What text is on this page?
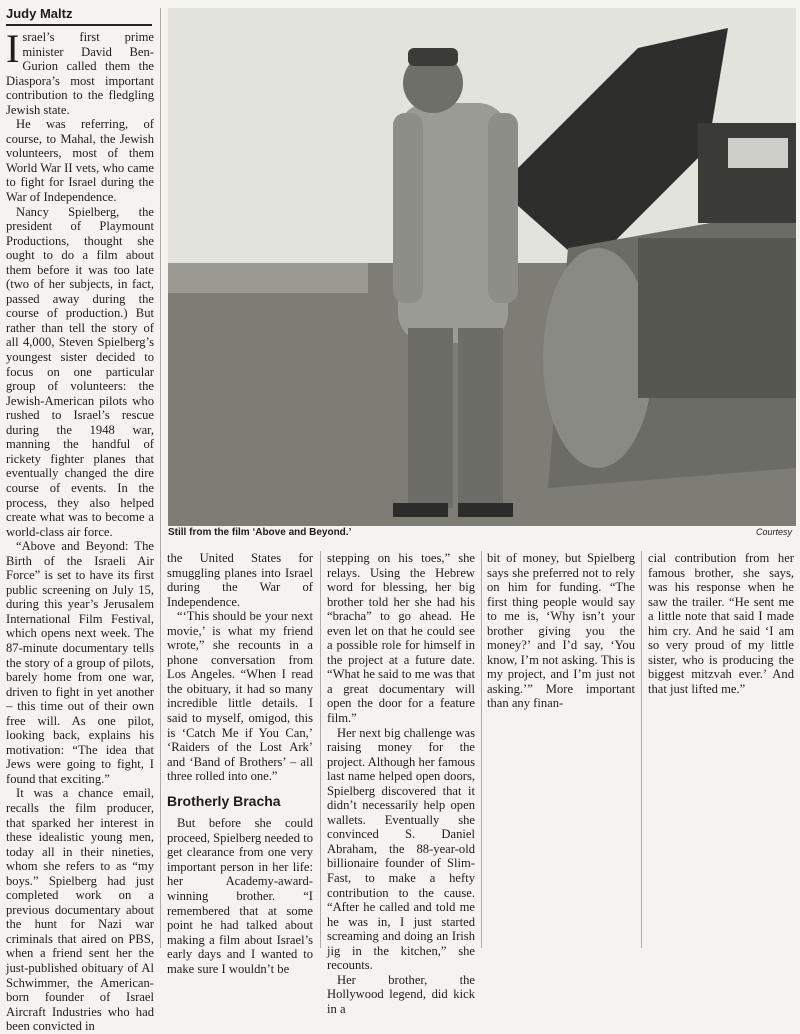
Judy Maltz

Israel’s first prime minister David Ben-Gurion called them the Diaspora’s most important contribution to the fledgling Jewish state.

He was referring, of course, to Mahal, the Jewish volunteers, most of them World War II vets, who came to fight for Israel during the War of Independence.

Nancy Spielberg, the president of Playmount Productions, thought she ought to do a film about them before it was too late (two of her subjects, in fact, passed away during the course of production.) But rather than tell the story of all 4,000, Steven Spielberg’s youngest sister decided to focus on one particular group of volunteers: the Jewish-American pilots who rushed to Israel’s rescue during the 1948 war, manning the handful of rickety fighter planes that eventually changed the dire course of events. In the process, they also helped create what was to become a world-class air force.

“Above and Beyond: The Birth of the Israeli Air Force” is set to have its first public screening on July 15, during this year’s Jerusalem International Film Festival, which opens next week. The 87-minute documentary tells the story of a group of pilots, barely home from one war, driven to fight in yet another – this time out of their own free will. As one pilot, looking back, explains his motivation: “The idea that Jews were going to fight, I found that exciting.”

It was a chance email, recalls the film producer, that sparked her interest in these idealistic young men, today all in their nineties, whom she refers to as “my boys.” Spielberg had just completed work on a previous documentary about the hunt for Nazi war criminals that aired on PBS, when a friend sent her the just-published obituary of Al Schwimmer, the American-born founder of Israel Aircraft Industries who had been convicted in

Still from the film ‘Above and Beyond.’	Courtesy

the United States for smuggling planes into Israel during the War of Independence.

“‘This should be your next movie,’ is what my friend wrote,” she recounts in a phone conversation from Los Angeles. “When I read the obituary, it had so many incredible little details. I said to myself, omigod, this is ‘Catch Me if You Can,’ ‘Raiders of the Lost Ark’ and ‘Band of Brothers’ – all three rolled into one.”

Brotherly Bracha

But before she could proceed, Spielberg needed to get clearance from one very important person in her life: her Academy-award-winning brother. “I remembered that at some point he had talked about making a film about Israel’s early days and I wanted to make sure I wouldn’t be

stepping on his toes,” she relays. Using the Hebrew word for blessing, her big brother told her she had his “bracha” to go ahead. He even let on that he could see a possible role for himself in the project at a future date. “What he said to me was that a great documentary will open the door for a feature film.”

Her next big challenge was raising money for the project. Although her famous last name helped open doors, Spielberg discovered that it didn’t necessarily help open wallets. Eventually she convinced S. Daniel Abraham, the 88-year-old billionaire founder of Slim-Fast, to make a hefty contribution to the cause. “After he called and told me he was in, I just started screaming and doing an Irish jig in the kitchen,” she recounts.

Her brother, the Hollywood legend, did kick in a

bit of money, but Spielberg says she preferred not to rely on him for funding. “The first thing people would say to me is, ‘Why isn’t your brother giving you the money?’ and I’d say, ‘You know, I’m not asking. This is my project, and I’m just not asking.’” More important than any finan-

cial contribution from her famous brother, she says, was his response when he saw the trailer. “He sent me a little note that said I made him cry. And he said ‘I am so very proud of my little sister, who is producing the biggest mitzvah ever.’ And that just lifted me.”
